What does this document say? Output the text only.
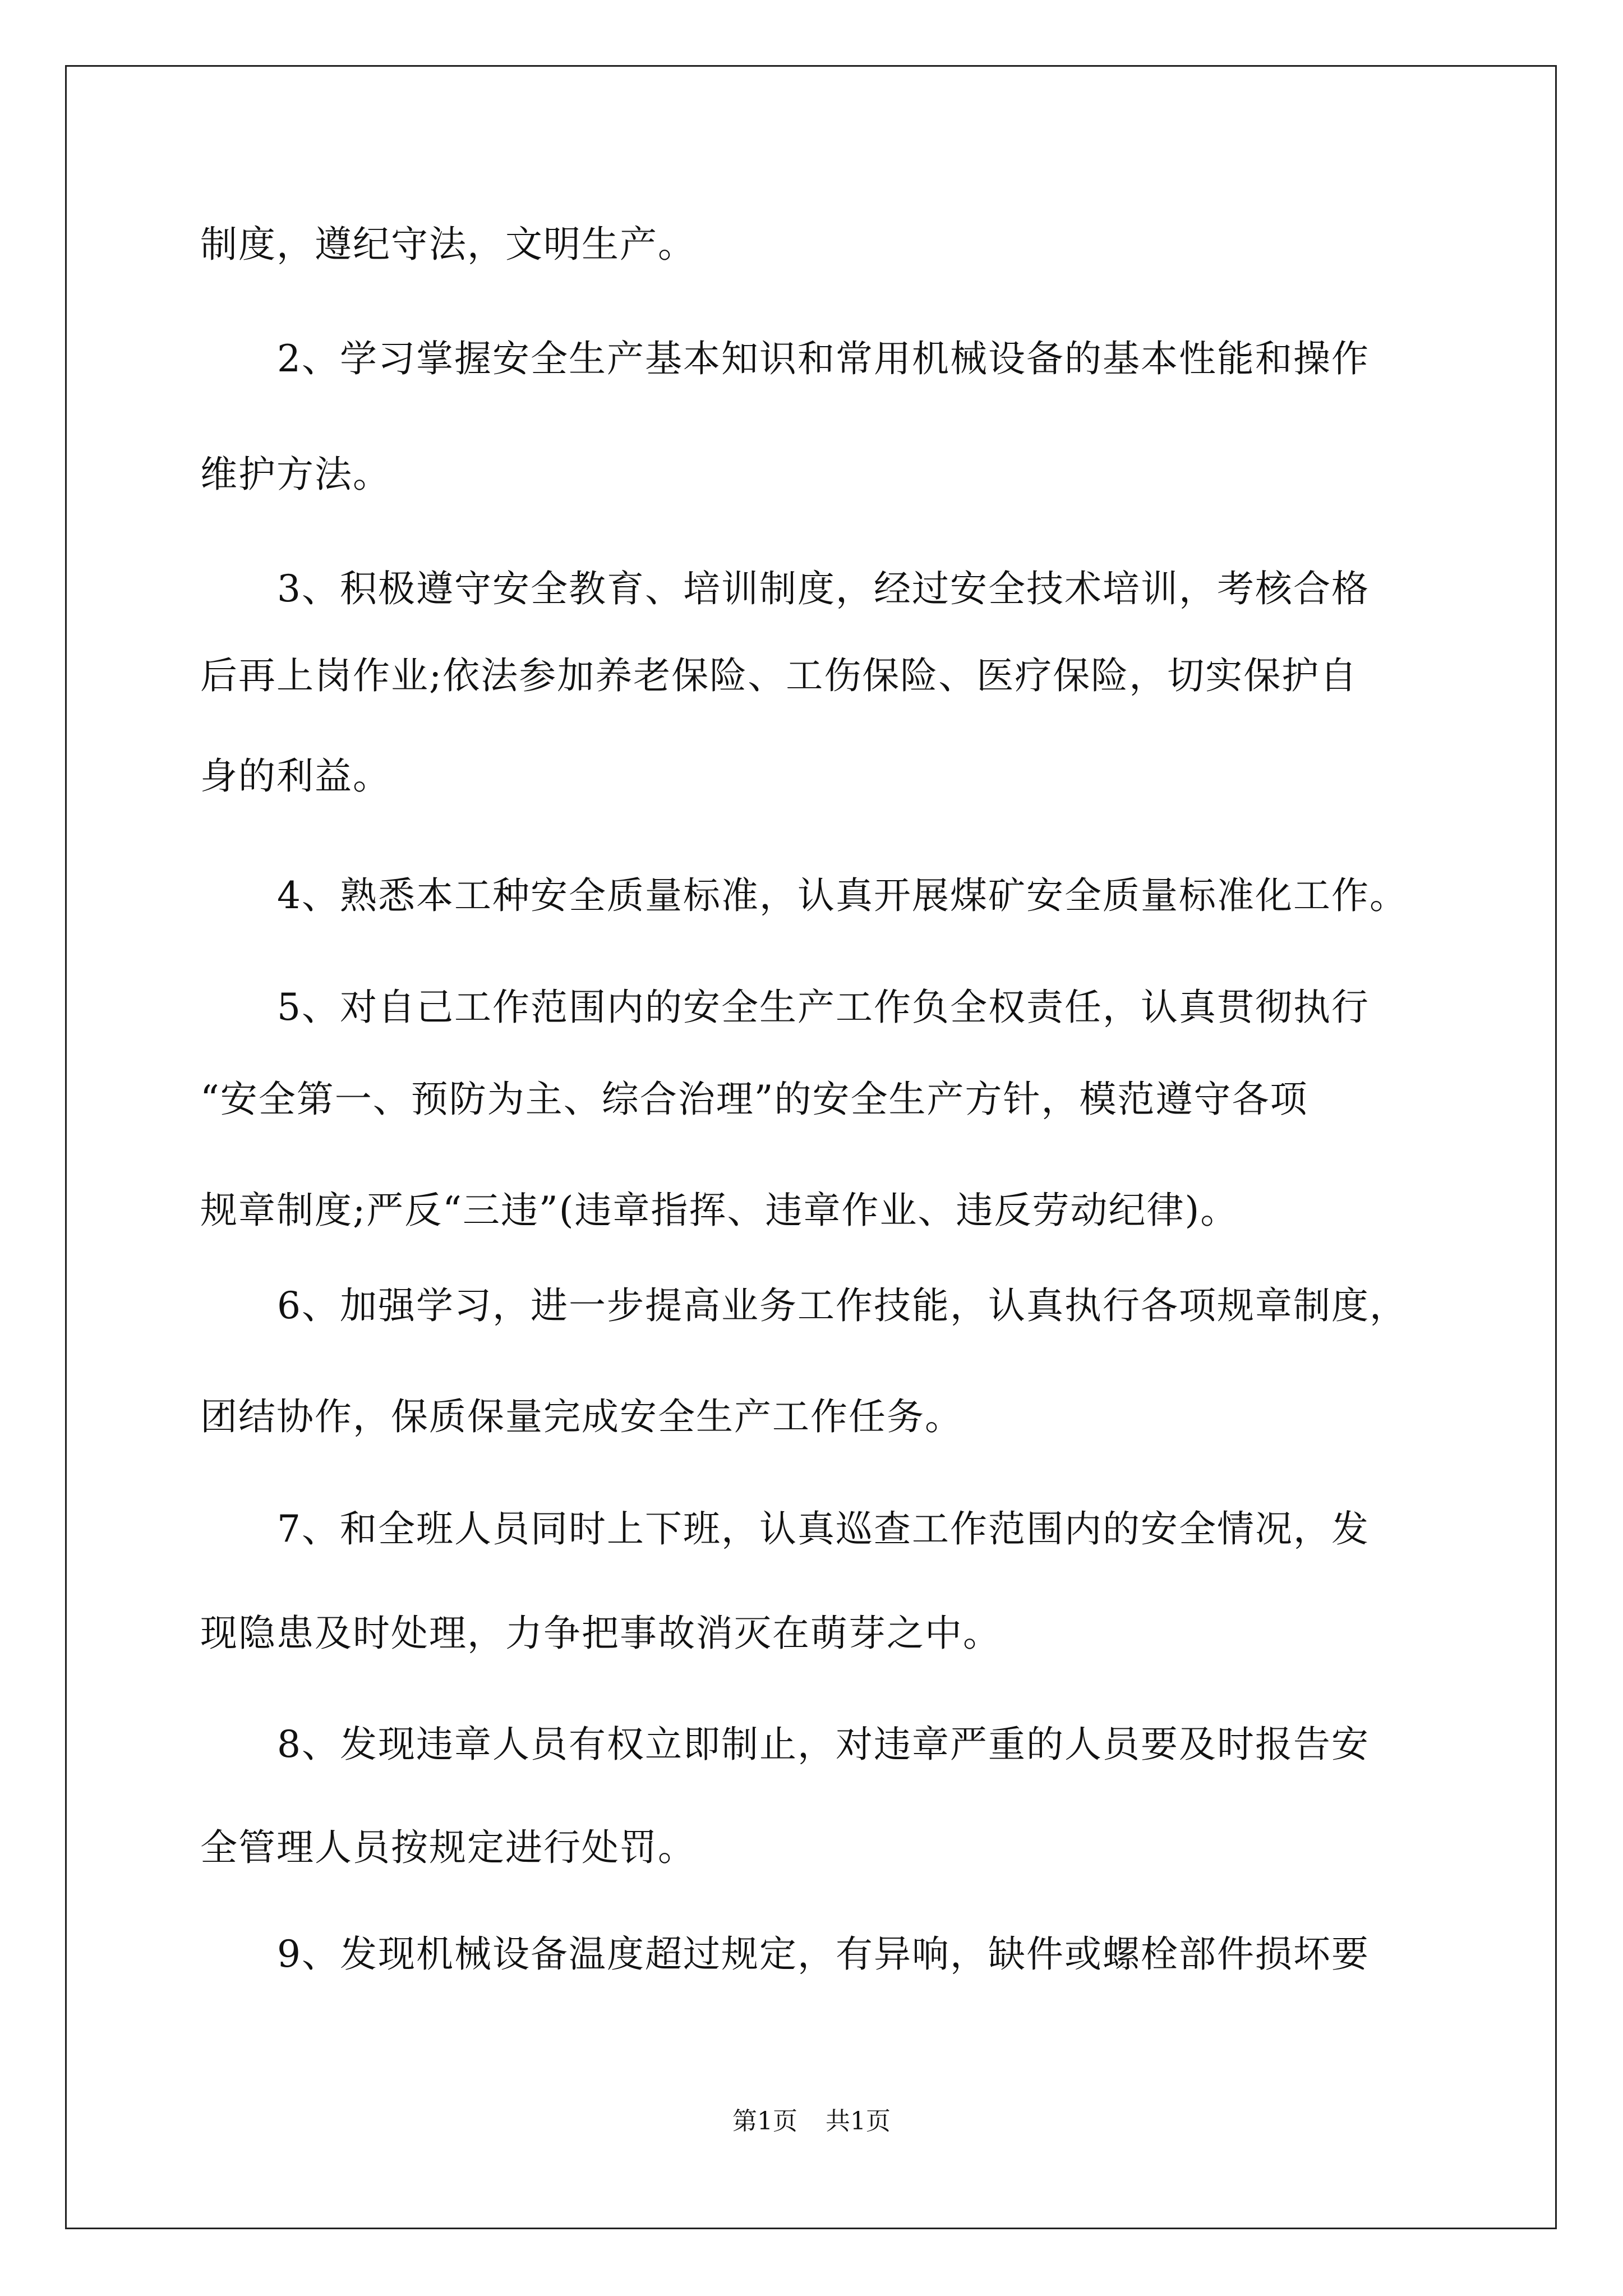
制度，遵纪守法，文明生产。

2、学习掌握安全生产基本知识和常用机械设备的基本性能和操作

维护方法。

3、积极遵守安全教育、培训制度，经过安全技术培训，考核合格

后再上岗作业;依法参加养老保险、工伤保险、医疗保险，切实保护自

身的利益。

4、熟悉本工种安全质量标准，认真开展煤矿安全质量标准化工作。

5、对自己工作范围内的安全生产工作负全权责任，认真贯彻执行

“安全第一、预防为主、综合治理”的安全生产方针，模范遵守各项

规章制度;严反“三违”(违章指挥、违章作业、违反劳动纪律)。

6、加强学习，进一步提高业务工作技能，认真执行各项规章制度，

团结协作，保质保量完成安全生产工作任务。

7、和全班人员同时上下班，认真巡查工作范围内的安全情况，发

现隐患及时处理，力争把事故消灭在萌芽之中。

8、发现违章人员有权立即制止，对违章严重的人员要及时报告安

全管理人员按规定进行处罚。

9、发现机械设备温度超过规定，有异响，缺件或螺栓部件损坏要

第1页 共1页
